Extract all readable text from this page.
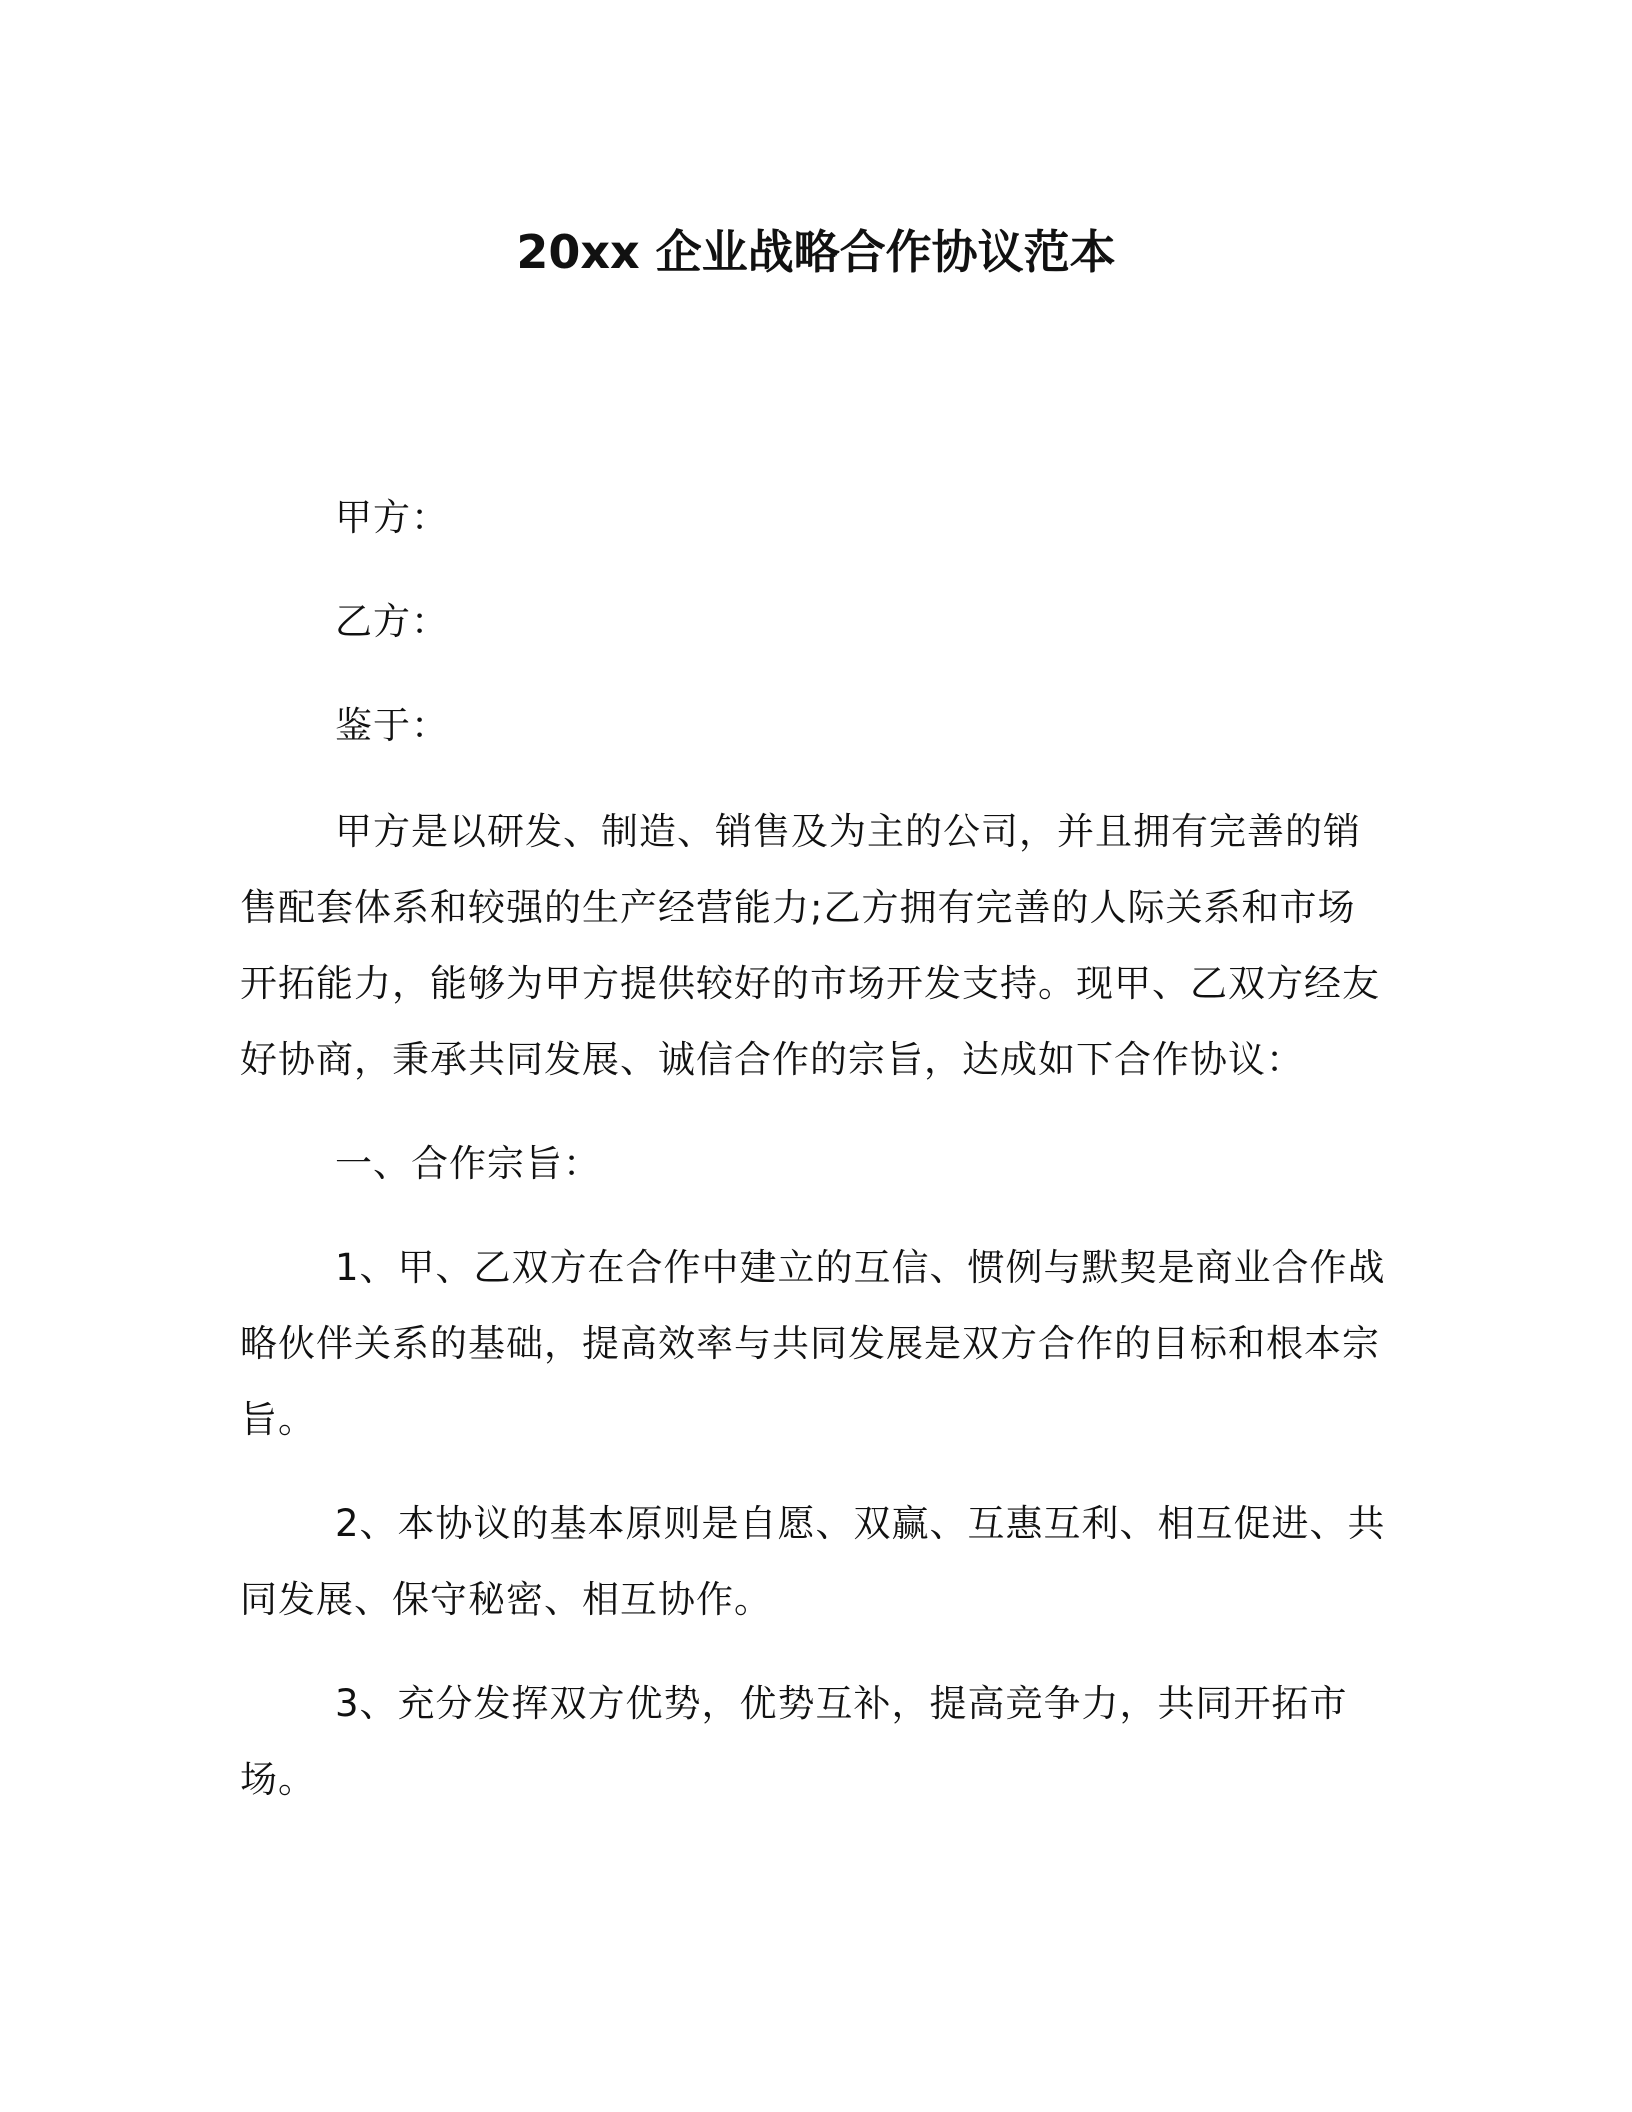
20xx 企业战略合作协议范本

甲方：

乙方：

鉴于：

甲方是以研发、制造、销售及为主的公司，并且拥有完善的销售配套体系和较强的生产经营能力;乙方拥有完善的人际关系和市场开拓能力，能够为甲方提供较好的市场开发支持。现甲、乙双方经友好协商，秉承共同发展、诚信合作的宗旨，达成如下合作协议：

一、合作宗旨：

1、甲、乙双方在合作中建立的互信、惯例与默契是商业合作战略伙伴关系的基础，提高效率与共同发展是双方合作的目标和根本宗旨。

2、本协议的基本原则是自愿、双赢、互惠互利、相互促进、共同发展、保守秘密、相互协作。

3、充分发挥双方优势，优势互补，提高竞争力，共同开拓市场。
